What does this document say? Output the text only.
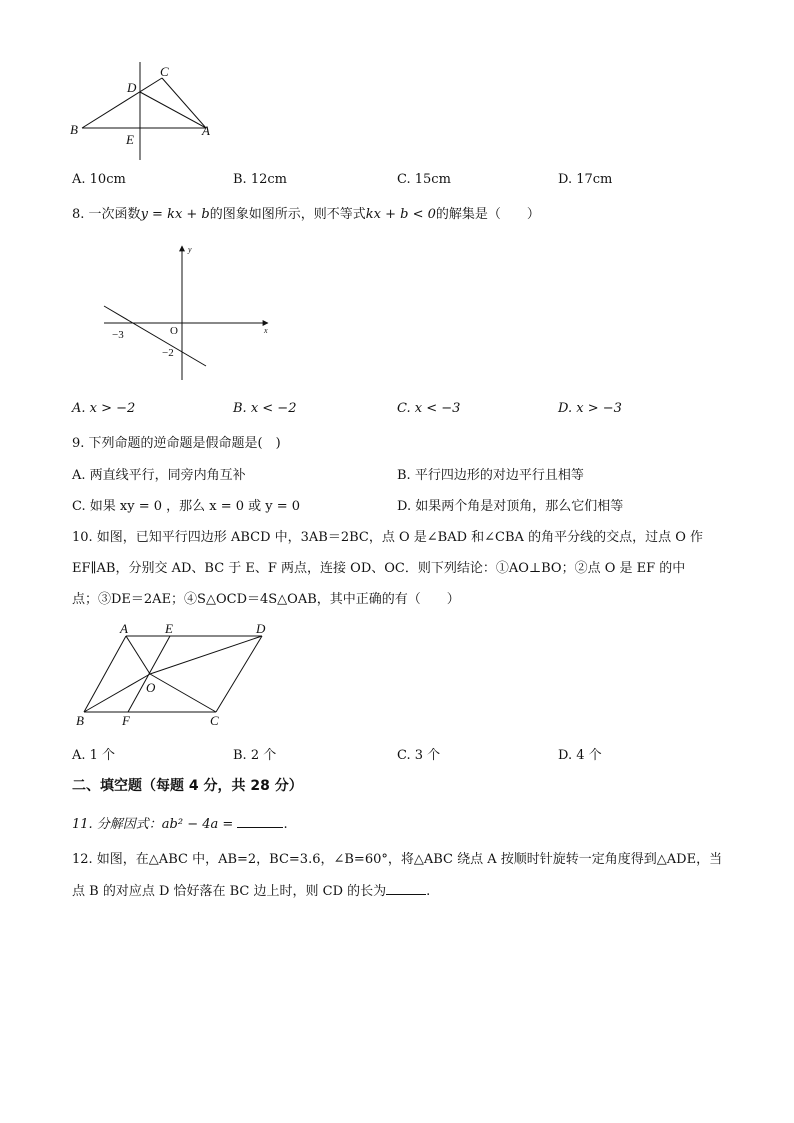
C
D
B
E
A
A. 10cm	B. 12cm	C. 15cm	D. 17cm
8. 一次函数y = kx + b的图象如图所示，则不等式kx + b < 0的解集是（　　）
y
x
O
−3
−2
A. x > −2	B. x < −2	C. x < −3	D. x > −3
9. 下列命题的逆命题是假命题是(　)
A. 两直线平行，同旁内角互补	B. 平行四边形的对边平行且相等
C. 如果 xy = 0 ，那么 x = 0 或 y = 0	D. 如果两个角是对顶角，那么它们相等
10. 如图，已知平行四边形 ABCD 中，3AB＝2BC，点 O 是∠BAD 和∠CBA 的角平分线的交点，过点 O 作
EF∥AB，分别交 AD、BC 于 E、F 两点，连接 OD、OC．则下列结论：①AO⊥BO；②点 O 是 EF 的中
点；③DE＝2AE；④S△OCD＝4S△OAB，其中正确的有（　　）
A	E	D
O
B	F	C
A. 1 个	B. 2 个	C. 3 个	D. 4 个
二、填空题（每题 4 分，共 28 分）
11. 分解因式：ab² − 4a =	.
12. 如图，在△ABC 中，AB=2，BC=3.6，∠B=60°，将△ABC 绕点 A 按顺时针旋转一定角度得到△ADE，当
点 B 的对应点 D 恰好落在 BC 边上时，则 CD 的长为	.
